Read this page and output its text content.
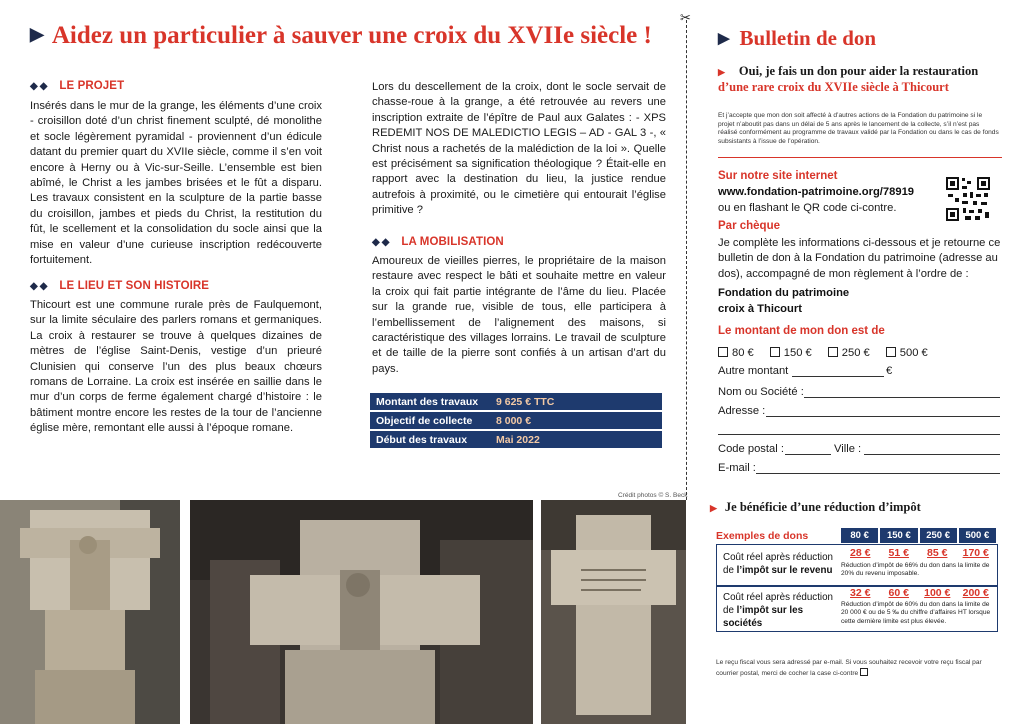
▶ Aidez un particulier à sauver une croix du XVIIe siècle !
◆◆ LE PROJET
Insérés dans le mur de la grange, les éléments d’une croix - croisillon doté d’un christ finement sculpté, dé monolithe et socle légèrement pyramidal - proviennent d’un édicule datant du premier quart du XVIIe siècle, comme il s’en voit encore à Herny ou à Vic-sur-Seille. L’ensemble est bien abîmé, le Christ a les jambes brisées et le fût a disparu. Les travaux consistent en la sculpture de la partie basse du croisillon, jambes et pieds du Christ, la restitution du fût, le scellement et la consolidation du socle ainsi que la mise en valeur d’une curieuse inscription redécouverte fortuitement.
◆◆ LE LIEU ET SON HISTOIRE
Thicourt est une commune rurale près de Faulquemont, sur la limite séculaire des parlers romans et germaniques. La croix à restaurer se trouve à quelques dizaines de mètres de l’église Saint-Denis, vestige d’un prieuré Clunisien qui conserve l’un des plus beaux chœurs romans de Lorraine. La croix est insérée en saillie dans le mur d’un corps de ferme également chargé d’histoire : le bâtiment montre encore les restes de la tour de l’ancienne église mère, remontant elle aussi à l’époque romane.
Lors du descellement de la croix, dont le socle servait de chasse-roue à la grange, a été retrouvée au revers une inscription extraite de l’épître de Paul aux Galates : - XPS REDEMIT NOS DE MALEDICTIO LEGIS – AD - GAL 3 -, « Christ nous a rachetés de la malédiction de la loi ». Quelle est précisément sa signification théologique ? Était-elle en rapport avec la destination du lieu, la justice rendue autrefois à proximité, ou le cimetière qui entourait l’église primitive ?
◆◆ LA MOBILISATION
Amoureux de vieilles pierres, le propriétaire de la maison restaure avec respect le bâti et souhaite mettre en valeur la croix qui fait partie intégrante de l’âme du lieu. Placée sur la grande rue, visible de tous, elle participera à l’embellissement de l’alignement des maisons, si caractéristique des villages lorrains. Le travail de sculpture et de taille de la pierre sont confiés à un artisan d’art du pays.
Montant des travaux	9 625 € TTC
Objectif de collecte	8 000 €
Début des travaux	Mai 2022
Crédit photos © S. Beck
✂
▶ Bulletin de don
▶ Oui, je fais un don pour aider la restauration
d’une rare croix du XVIIe siècle à Thicourt
Et j’accepte que mon don soit affecté à d’autres actions de la Fondation du patrimoine si le projet n’aboutit pas dans un délai de 5 ans après le lancement de la collecte, s’il n’est pas réalisé conformément au programme de travaux validé par la Fondation ou dans le cas de fonds subsistants à l’issue de l’opération.
Sur notre site internet
www.fondation-patrimoine.org/78919
ou en flashant le QR code ci-contre.
Par chèque
Je complète les informations ci-dessous et je retourne ce bulletin de don à la Fondation du patrimoine (adresse au dos), accompagné de mon règlement à l’ordre de :
Fondation du patrimoine
croix à Thicourt
Le montant de mon don est de
80 €	150 €	250 €	500 €
Autre montant	€
Nom ou Société :
Adresse :
Code postal :	Ville :
E-mail :
▶ Je bénéficie d’une réduction d’impôt
Exemples de dons	80 €	150 €	250 €	500 €
Coût réel après réduction
de l’impôt sur le revenu
28 €	51 €	85 €	170 €
Réduction d’impôt de 66% du don dans la limite de 20% du revenu imposable.
Coût réel après réduction
de l’impôt sur les sociétés
32 €	60 €	100 €	200 €
Réduction d’impôt de 60% du don dans la limite de 20 000 € ou de 5 ‰ du chiffre d’affaires HT lorsque cette dernière limite est plus élevée.
Le reçu fiscal vous sera adressé par e-mail. Si vous souhaitez recevoir votre reçu fiscal par courrier postal, merci de cocher la case ci-contre
